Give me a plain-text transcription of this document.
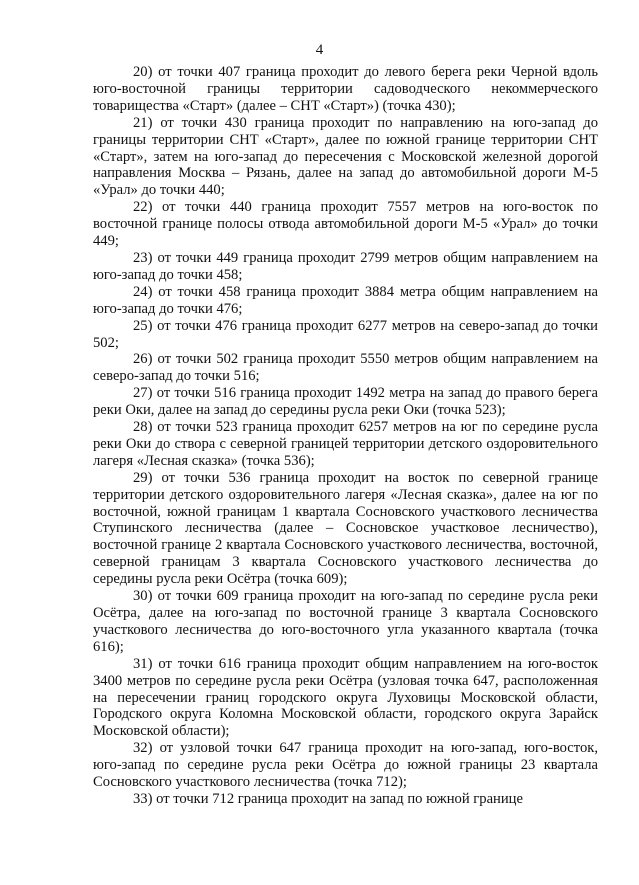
4

20) от точки 407 граница проходит до левого берега реки Черной вдоль юго-восточной границы территории садоводческого некоммерческого товарищества «Старт» (далее – СНТ «Старт») (точка 430);

21) от точки 430 граница проходит по направлению на юго-запад до границы территории СНТ «Старт», далее по южной границе территории СНТ «Старт», затем на юго-запад до пересечения с Московской железной дорогой направления Москва – Рязань, далее на запад до автомобильной дороги М-5 «Урал» до точки 440;

22) от точки 440 граница проходит 7557 метров на юго-восток по восточной границе полосы отвода автомобильной дороги М-5 «Урал» до точки 449;

23) от точки 449 граница проходит 2799 метров общим направлением на юго-запад до точки 458;

24) от точки 458 граница проходит 3884 метра общим направлением на юго-запад до точки 476;

25) от точки 476 граница проходит 6277 метров на северо-запад до точки 502;

26) от точки 502 граница проходит 5550 метров общим направлением на северо-запад до точки 516;

27) от точки 516 граница проходит 1492 метра на запад до правого берега реки Оки, далее на запад до середины русла реки Оки (точка 523);

28) от точки 523 граница проходит 6257 метров на юг по середине русла реки Оки до створа с северной границей территории детского оздоровительного лагеря «Лесная сказка» (точка 536);

29) от точки 536 граница проходит на восток по северной границе территории детского оздоровительного лагеря «Лесная сказка», далее на юг по восточной, южной границам 1 квартала Сосновского участкового лесничества Ступинского лесничества (далее – Сосновское участковое лесничество), восточной границе 2 квартала Сосновского участкового лесничества, восточной, северной границам 3 квартала Сосновского участкового лесничества до середины русла реки Осётра (точка 609);

30) от точки 609 граница проходит на юго-запад по середине русла реки Осётра, далее на юго-запад по восточной границе 3 квартала Сосновского участкового лесничества до юго-восточного угла указанного квартала (точка 616);

31) от точки 616 граница проходит общим направлением на юго-восток 3400 метров по середине русла реки Осётра (узловая точка 647, расположенная на пересечении границ городского округа Луховицы Московской области, Городского округа Коломна Московской области, городского округа Зарайск Московской области);

32) от узловой точки 647 граница проходит на юго-запад, юго-восток, юго-запад по середине русла реки Осётра до южной границы 23 квартала Сосновского участкового лесничества (точка 712);

33) от точки 712 граница проходит на запад по южной границе
